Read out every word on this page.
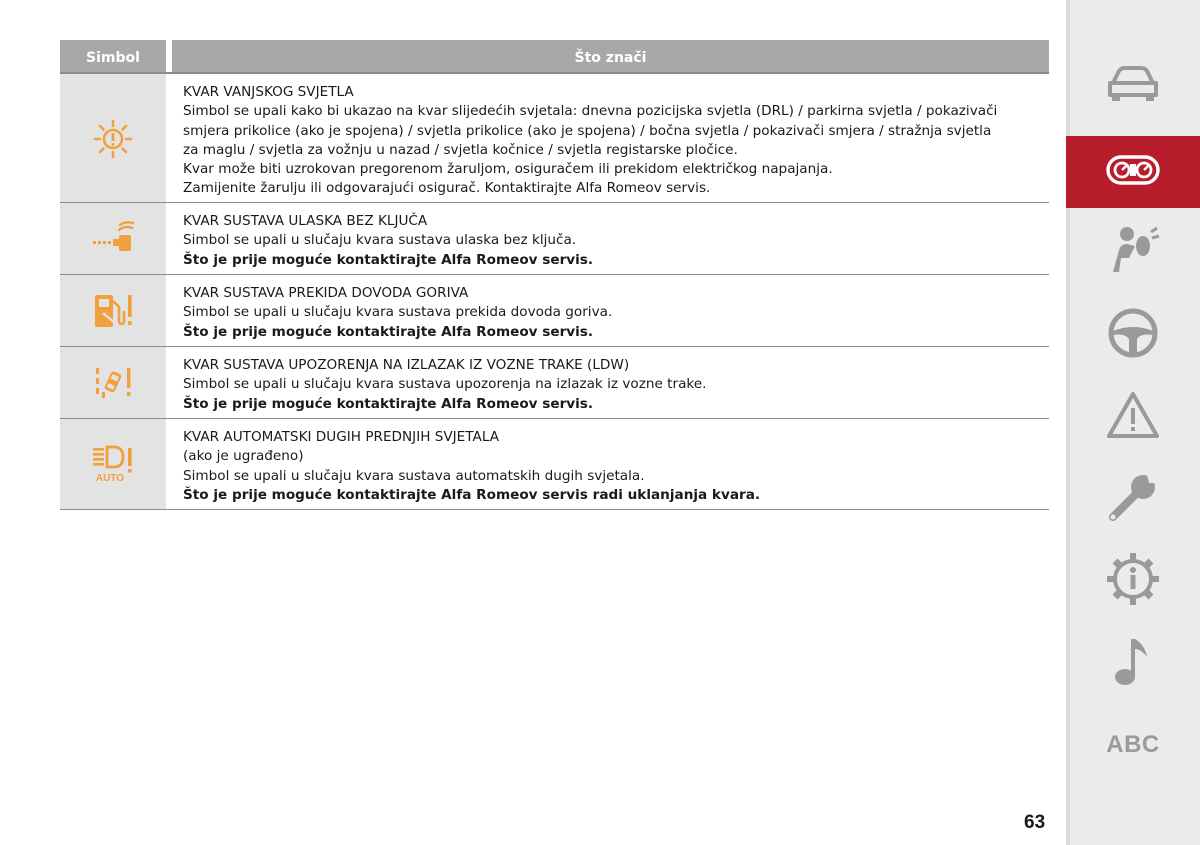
Simbol	Što znači
KVAR VANJSKOG SVJETLA
Simbol se upali kako bi ukazao na kvar slijedećih svjetala: dnevna pozicijska svjetla (DRL) / parkirna svjetla / pokazivači
smjera prikolice (ako je spojena) / svjetla prikolice (ako je spojena) / bočna svjetla / pokazivači smjera / stražnja svjetla
za maglu / svjetla za vožnju u nazad / svjetla kočnice / svjetla registarske pločice.
Kvar može biti uzrokovan pregorenom žaruljom, osiguračem ili prekidom električkog napajanja.
Zamijenite žarulju ili odgovarajući osigurač. Kontaktirajte Alfa Romeov servis.
KVAR SUSTAVA ULASKA BEZ KLJUČA
Simbol se upali u slučaju kvara sustava ulaska bez ključa.
Što je prije moguće kontaktirajte Alfa Romeov servis.
KVAR SUSTAVA PREKIDA DOVODA GORIVA
Simbol se upali u slučaju kvara sustava prekida dovoda goriva.
Što je prije moguće kontaktirajte Alfa Romeov servis.
KVAR SUSTAVA UPOZORENJA NA IZLAZAK IZ VOZNE TRAKE (LDW)
Simbol se upali u slučaju kvara sustava upozorenja na izlazak iz vozne trake.
Što je prije moguće kontaktirajte Alfa Romeov servis.
AUTO
KVAR AUTOMATSKI DUGIH PREDNJIH SVJETALA
(ako je ugrađeno)
Simbol se upali u slučaju kvara sustava automatskih dugih svjetala.
Što je prije moguće kontaktirajte Alfa Romeov servis radi uklanjanja kvara.
ABC
63
